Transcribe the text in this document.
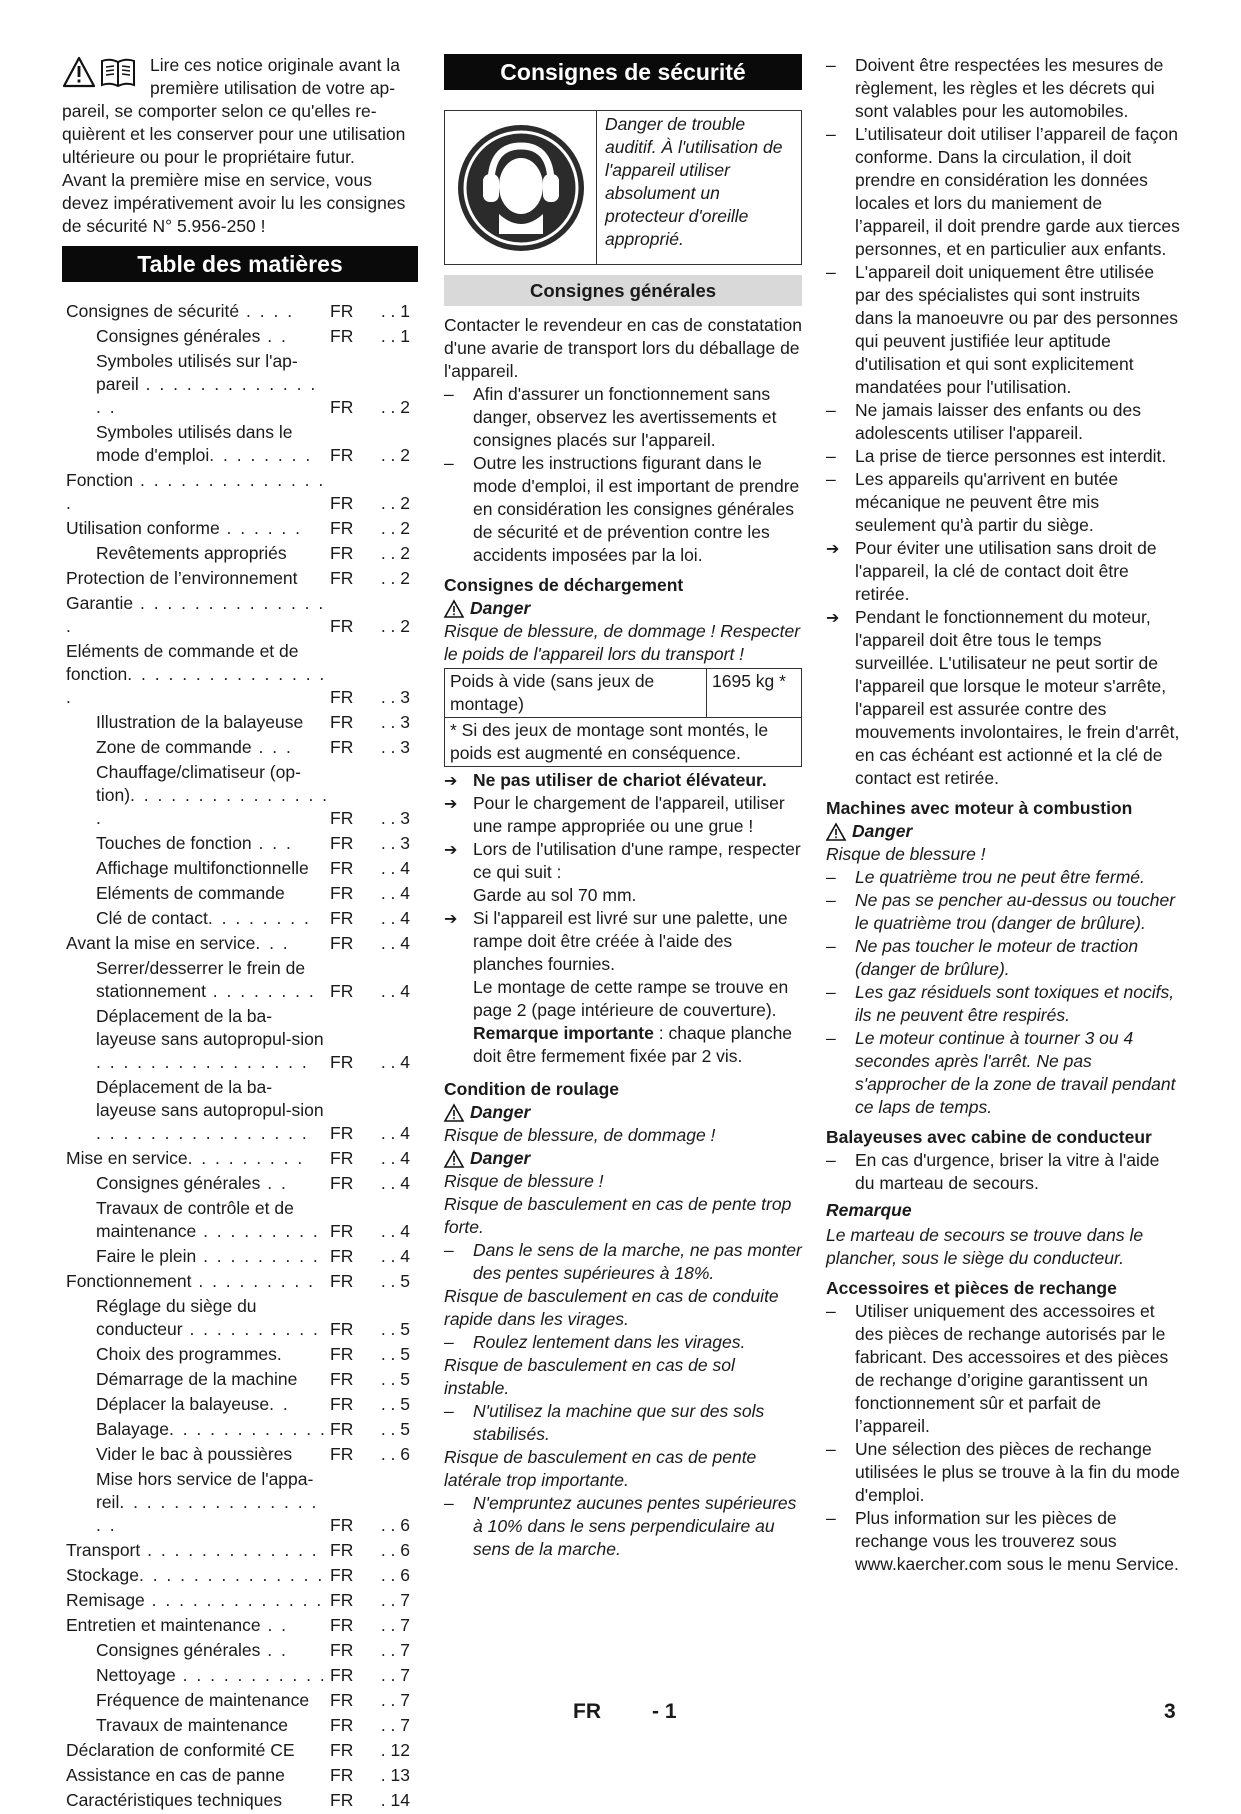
Lire ces notice originale avant la

première utilisation de votre ap-

pareil, se comporter selon ce qu'elles re-quièrent et les conserver pour une utilisation ultérieure ou pour le propriétaire futur.

Avant la première mise en service, vous devez impérativement avoir lu les consignes de sécurité N° 5.956-250 !

Table des matières
Consignes de sécurité . . . .	FR	. . 1
Consignes générales . .	FR	. . 1
Symboles utilisés sur l'ap-pareil . . . . . . . . . . . . . . .	FR	. . 2
Symboles utilisés dans le mode d'emploi. . . . . . . .	FR	. . 2
Fonction . . . . . . . . . . . . . . .	FR	. . 2
Utilisation conforme . . . . . .	FR	. . 2
Revêtements appropriés	FR	. . 2
Protection de l’environnement	FR	. . 2
Garantie . . . . . . . . . . . . . . .	FR	. . 2
Eléments de commande et de fonction. . . . . . . . . . . . . . . .	FR	. . 3
Illustration de la balayeuse	FR	. . 3
Zone de commande . . .	FR	. . 3
Chauffage/climatiseur (op-tion). . . . . . . . . . . . . . . .	FR	. . 3
Touches de fonction . . .	FR	. . 3
Affichage multifonctionnelle	FR	. . 4
Eléments de commande	FR	. . 4
Clé de contact. . . . . . . .	FR	. . 4
Avant la mise en service. . .	FR	. . 4
Serrer/desserrer le frein de stationnement . . . . . . . . FR	. . 4
Déplacement de la ba-layeuse sans autopropul-sion . . . . . . . . . . . . . . . .	FR	. . 4
Déplacement de la ba-layeuse sans autopropul-sion . . . . . . . . . . . . . . . .	FR	. . 4
Mise en service. . . . . . . . .	FR	. . 4
Consignes générales . .	FR	. . 4
Travaux de contrôle et de maintenance . . . . . . . . . FR	. . 4
Faire le plein . . . . . . . . . FR	. . 4
Fonctionnement . . . . . . . . . FR	. . 5
Réglage du siège du conducteur . . . . . . . . . . FR	. . 5
Choix des programmes.	FR	. . 5
Démarrage de la machine	FR	. . 5
Déplacer la balayeuse. .	FR	. . 5
Balayage. . . . . . . . . . . . FR	. . 5
Vider le bac à poussières	FR	. . 6
Mise hors service de l'appa-reil. . . . . . . . . . . . . . . . .	FR	. . 6
Transport . . . . . . . . . . . . . FR	. . 6
Stockage. . . . . . . . . . . . . . FR	. . 6
Remisage . . . . . . . . . . . . . FR	. . 7
Entretien et maintenance . .	FR	. . 7
Consignes générales . .	FR	. . 7
Nettoyage . . . . . . . . . . . FR	. . 7
Fréquence de maintenance	FR	. . 7
Travaux de maintenance	FR	. . 7
Déclaration de conformité CE	FR	. 12
Assistance en cas de panne	FR	. 13
Caractéristiques techniques	FR	. 14
Consignes de sécurité
Danger de trouble auditif. À l'utilisation de l'appareil utiliser absolument un protecteur d'oreille approprié.
Consignes générales

Contacter le revendeur en cas de constatation d'une avarie de transport lors du déballage de l'appareil.

– Afin d'assurer un fonctionnement sans danger, observez les avertissements et consignes placés sur l'appareil.

– Outre les instructions figurant dans le mode d'emploi, il est important de prendre en considération les consignes générales de sécurité et de prévention contre les accidents imposées par la loi.

Consignes de déchargement

Danger

Risque de blessure, de dommage ! Respecter le poids de l'appareil lors du transport !

Poids à vide (sans jeux de montage)	1695 kg *
* Si des jeux de montage sont montés, le poids est augmenté en conséquence.

➔ Ne pas utiliser de chariot élévateur.

➔ Pour le chargement de l'appareil, utiliser une rampe appropriée ou une grue !

➔ Lors de l'utilisation d'une rampe, respecter ce qui suit :

Garde au sol 70 mm.

➔ Si l'appareil est livré sur une palette, une rampe doit être créée à l'aide des planches fournies.

Le montage de cette rampe se trouve en page 2 (page intérieure de couverture).

Remarque importante : chaque planche doit être fermement fixée par 2 vis.

Condition de roulage

Danger

Risque de blessure, de dommage !

Danger

Risque de blessure !

Risque de basculement en cas de pente trop forte.

– Dans le sens de la marche, ne pas monter des pentes supérieures à 18%.

Risque de basculement en cas de conduite rapide dans les virages.

– Roulez lentement dans les virages.

Risque de basculement en cas de sol instable.

– N'utilisez la machine que sur des sols stabilisés.

Risque de basculement en cas de pente latérale trop importante.

– N'empruntez aucunes pentes supérieures à 10% dans le sens perpendiculaire au sens de la marche.

– Doivent être respectées les mesures de règlement, les règles et les décrets qui sont valables pour les automobiles.

– L’utilisateur doit utiliser l’appareil de façon conforme. Dans la circulation, il doit prendre en considération les données locales et lors du maniement de l’appareil, il doit prendre garde aux tierces personnes, et en particulier aux enfants.

– L'appareil doit uniquement être utilisée par des spécialistes qui sont instruits dans la manoeuvre ou par des personnes qui peuvent justifiée leur aptitude d'utilisation et qui sont explicitement mandatées pour l'utilisation.

– Ne jamais laisser des enfants ou des adolescents utiliser l'appareil.

– La prise de tierce personnes est interdit.

– Les appareils qu'arrivent en butée mécanique ne peuvent être mis seulement qu'à partir du siège.

➔ Pour éviter une utilisation sans droit de l'appareil, la clé de contact doit être retirée.

➔ Pendant le fonctionnement du moteur, l'appareil doit être tous le temps surveillée. L'utilisateur ne peut sortir de l'appareil que lorsque le moteur s'arrête, l'appareil est assurée contre des mouvements involontaires, le frein d'arrêt, en cas échéant est actionné et la clé de contact est retirée.

Machines avec moteur à combustion

Danger

Risque de blessure !

– Le quatrième trou ne peut être fermé.

– Ne pas se pencher au-dessus ou toucher le quatrième trou (danger de brûlure).

– Ne pas toucher le moteur de traction (danger de brûlure).

– Les gaz résiduels sont toxiques et nocifs, ils ne peuvent être respirés.

– Le moteur continue à tourner 3 ou 4 secondes après l'arrêt. Ne pas s'approcher de la zone de travail pendant ce laps de temps.

Balayeuses avec cabine de conducteur

– En cas d'urgence, briser la vitre à l'aide du marteau de secours.

Remarque

Le marteau de secours se trouve dans le plancher, sous le siège du conducteur.

Accessoires et pièces de rechange

– Utiliser uniquement des accessoires et des pièces de rechange autorisés par le fabricant. Des accessoires et des pièces de rechange d’origine garantissent un fonctionnement sûr et parfait de l’appareil.

– Une sélection des pièces de rechange utilisées le plus se trouve à la fin du mode d'emploi.

– Plus information sur les pièces de rechange vous les trouverez sous www.kaercher.com sous le menu Service.

FR - 1	3
